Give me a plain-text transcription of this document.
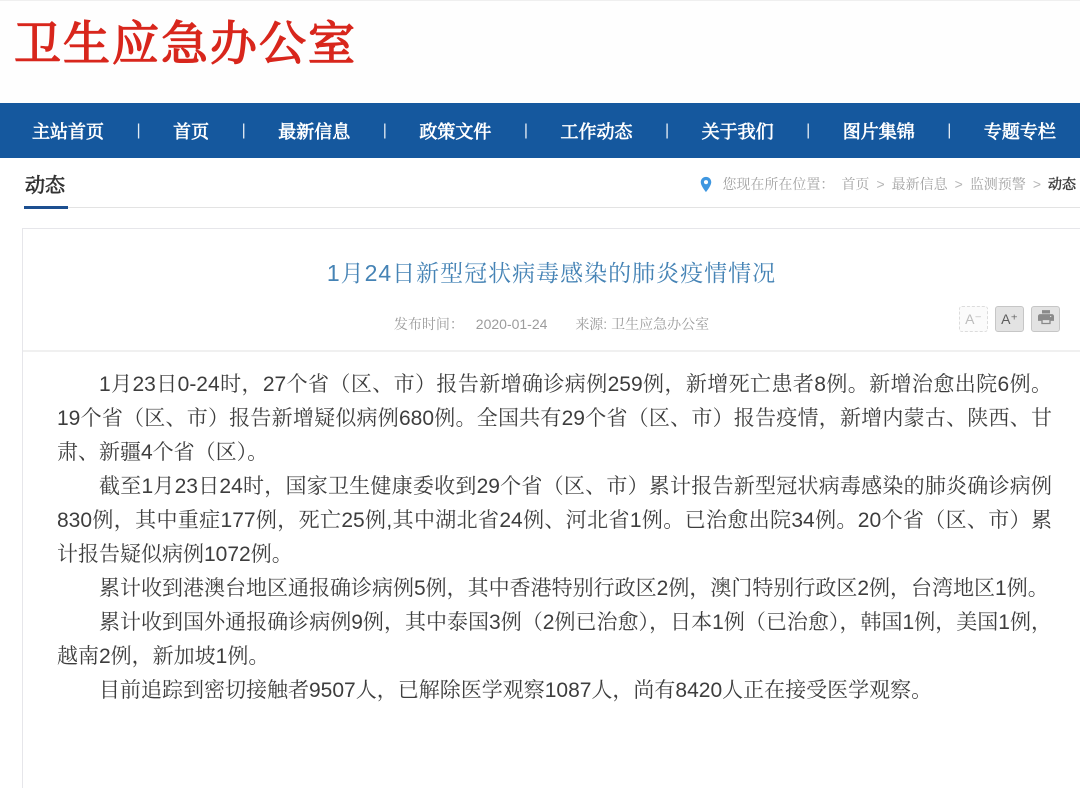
卫生应急办公室
主站首页 | 首页 | 最新信息 | 政策文件 | 工作动态 | 关于我们 | 图片集锦 | 专题专栏
动态	您现在所在位置： 首页 > 最新信息 > 监测预警 > 动态
1月24日新型冠状病毒感染的肺炎疫情情况
发布时间： 2020-01-24 来源: 卫生应急办公室	A⁻	A⁺

1月23日0-24时，27个省（区、市）报告新增确诊病例259例，新增死亡患者8例。新增治愈出院6例。19个省（区、市）报告新增疑似病例680例。全国共有29个省（区、市）报告疫情，新增内蒙古、陕西、甘肃、新疆4个省（区）。

截至1月23日24时，国家卫生健康委收到29个省（区、市）累计报告新型冠状病毒感染的肺炎确诊病例830例，其中重症177例，死亡25例,其中湖北省24例、河北省1例。已治愈出院34例。20个省（区、市）累计报告疑似病例1072例。

累计收到港澳台地区通报确诊病例5例，其中香港特别行政区2例，澳门特别行政区2例，台湾地区1例。

累计收到国外通报确诊病例9例，其中泰国3例（2例已治愈），日本1例（已治愈），韩国1例，美国1例，越南2例，新加坡1例。

目前追踪到密切接触者9507人，已解除医学观察1087人，尚有8420人正在接受医学观察。
